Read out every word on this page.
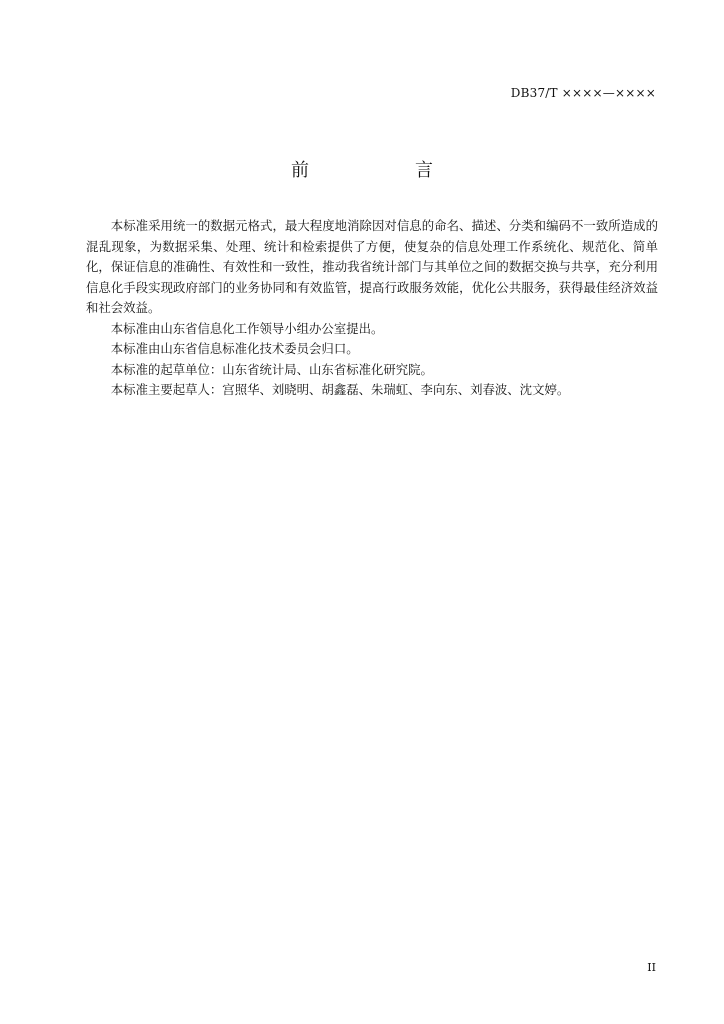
DB37/T ××××—××××
前　言

本标准采用统一的数据元格式，最大程度地消除因对信息的命名、描述、分类和编码不一致所造成的混乱现象，为数据采集、处理、统计和检索提供了方便，使复杂的信息处理工作系统化、规范化、简单化，保证信息的准确性、有效性和一致性，推动我省统计部门与其单位之间的数据交换与共享，充分利用信息化手段实现政府部门的业务协同和有效监管，提高行政服务效能，优化公共服务，获得最佳经济效益和社会效益。

本标准由山东省信息化工作领导小组办公室提出。

本标准由山东省信息标准化技术委员会归口。

本标准的起草单位：山东省统计局、山东省标准化研究院。

本标准主要起草人：宫照华、刘晓明、胡鑫磊、朱瑞虹、李向东、刘春波、沈文婷。

II
